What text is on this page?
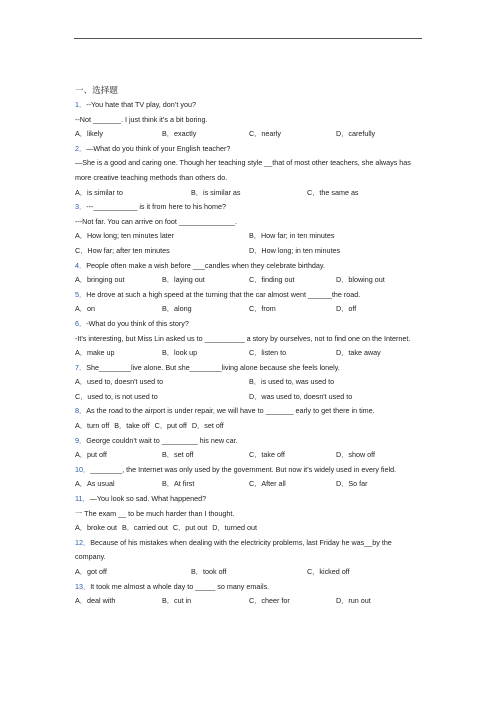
一、选择题
1．--You hate that TV play, don’t you?
--Not _______. I just think it’s a bit boring.
A．likely	B．exactly	C．nearly	D．carefully
2．—What do you think of your English teacher?
—She is a good and caring one. Though her teaching style __that of most other teachers, she always has more creative teaching methods than others do.
A．is similar to	B．is similar as	C．the same as
3．---___________ is it from here to his home?
---Not far. You can arrive on foot ______________.
A．How long; ten minutes later	B．How far; in ten minutes
C．How far; after ten minutes	D．How long; in ten minutes
4．People often make a wish before ___candles when they celebrate birthday.
A．bringing out	B．laying out	C．finding out	D．blowing out
5．He drove at such a high speed at the turning that the car almost went ______the road.
A．on	B．along	C．from	D．off
6．-What do you think of this story?
-It's interesting, but Miss Lin asked us to __________ a story by ourselves, not to find one on the Internet.
A．make up	B．look up	C．listen to	D．take away
7．She________live alone. But she________living alone because she feels lonely.
A．used to, doesn't used to	B．is used to, was used to
C．used to, is not used to	D．was used to, doesn't used to
8．As the road to the airport is under repair, we will have to _______ early to get there in time.
A．turn off B．take off C．put off D．set off
9．George couldn’t wait to _________ his new car.
A．put off	B．set off	C．take off	D．show off
10．________, the Internet was only used by the government. But now it’s widely used in every field.
A．As usual	B．At first	C．After all	D．So far
11．—You look so sad. What happened?
一 The exam __ to be much harder than I thought.
A．broke out B．carried out C．put out D．turned out
12．Because of his mistakes when dealing with the electricity problems, last Friday he was__by the company.
A．got off	B．took off	C．kicked off
13．It took me almost a whole day to _____ so many emails.
A．deal with	B．cut in	C．cheer for	D．run out
